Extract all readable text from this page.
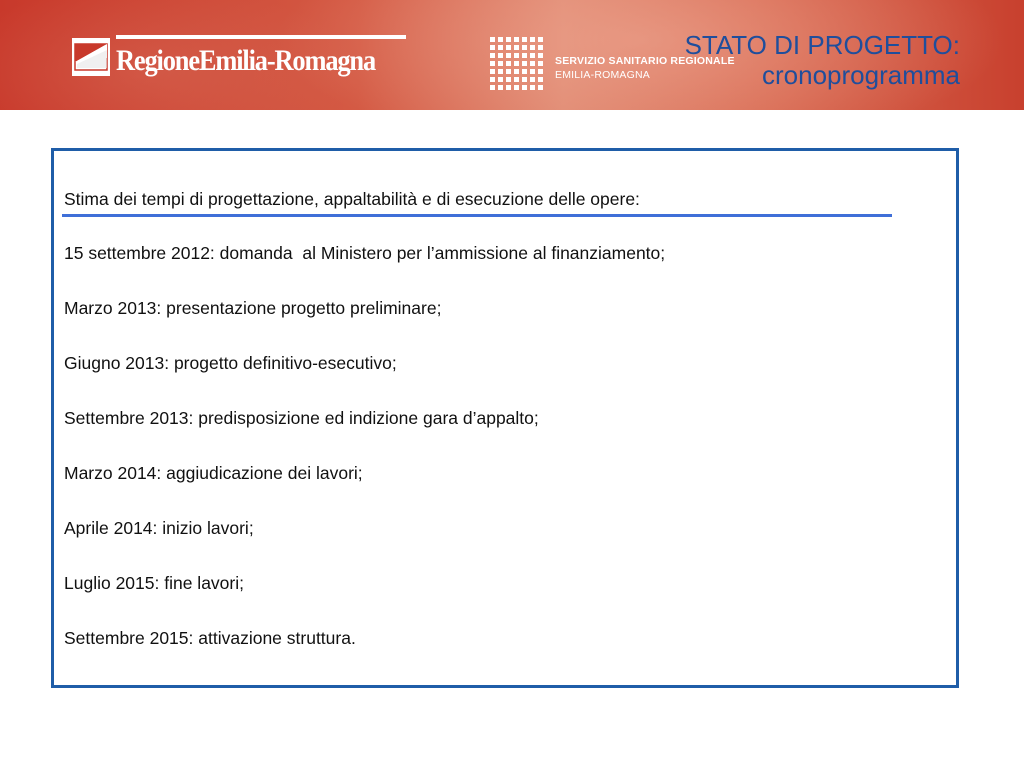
RegioneEmilia-Romagna	SERVIZIO SANITARIO REGIONALE
EMILIA-ROMAGNA
STATO DI PROGETTO:
cronoprogramma
Stima dei tempi di progettazione, appaltabilità e di esecuzione delle opere:
15 settembre 2012: domanda  al Ministero per l’ammissione al finanziamento;
Marzo 2013: presentazione progetto preliminare;
Giugno 2013: progetto definitivo-esecutivo;
Settembre 2013: predisposizione ed indizione gara d’appalto;
Marzo 2014: aggiudicazione dei lavori;
Aprile 2014: inizio lavori;
Luglio 2015: fine lavori;
Settembre 2015: attivazione struttura.
